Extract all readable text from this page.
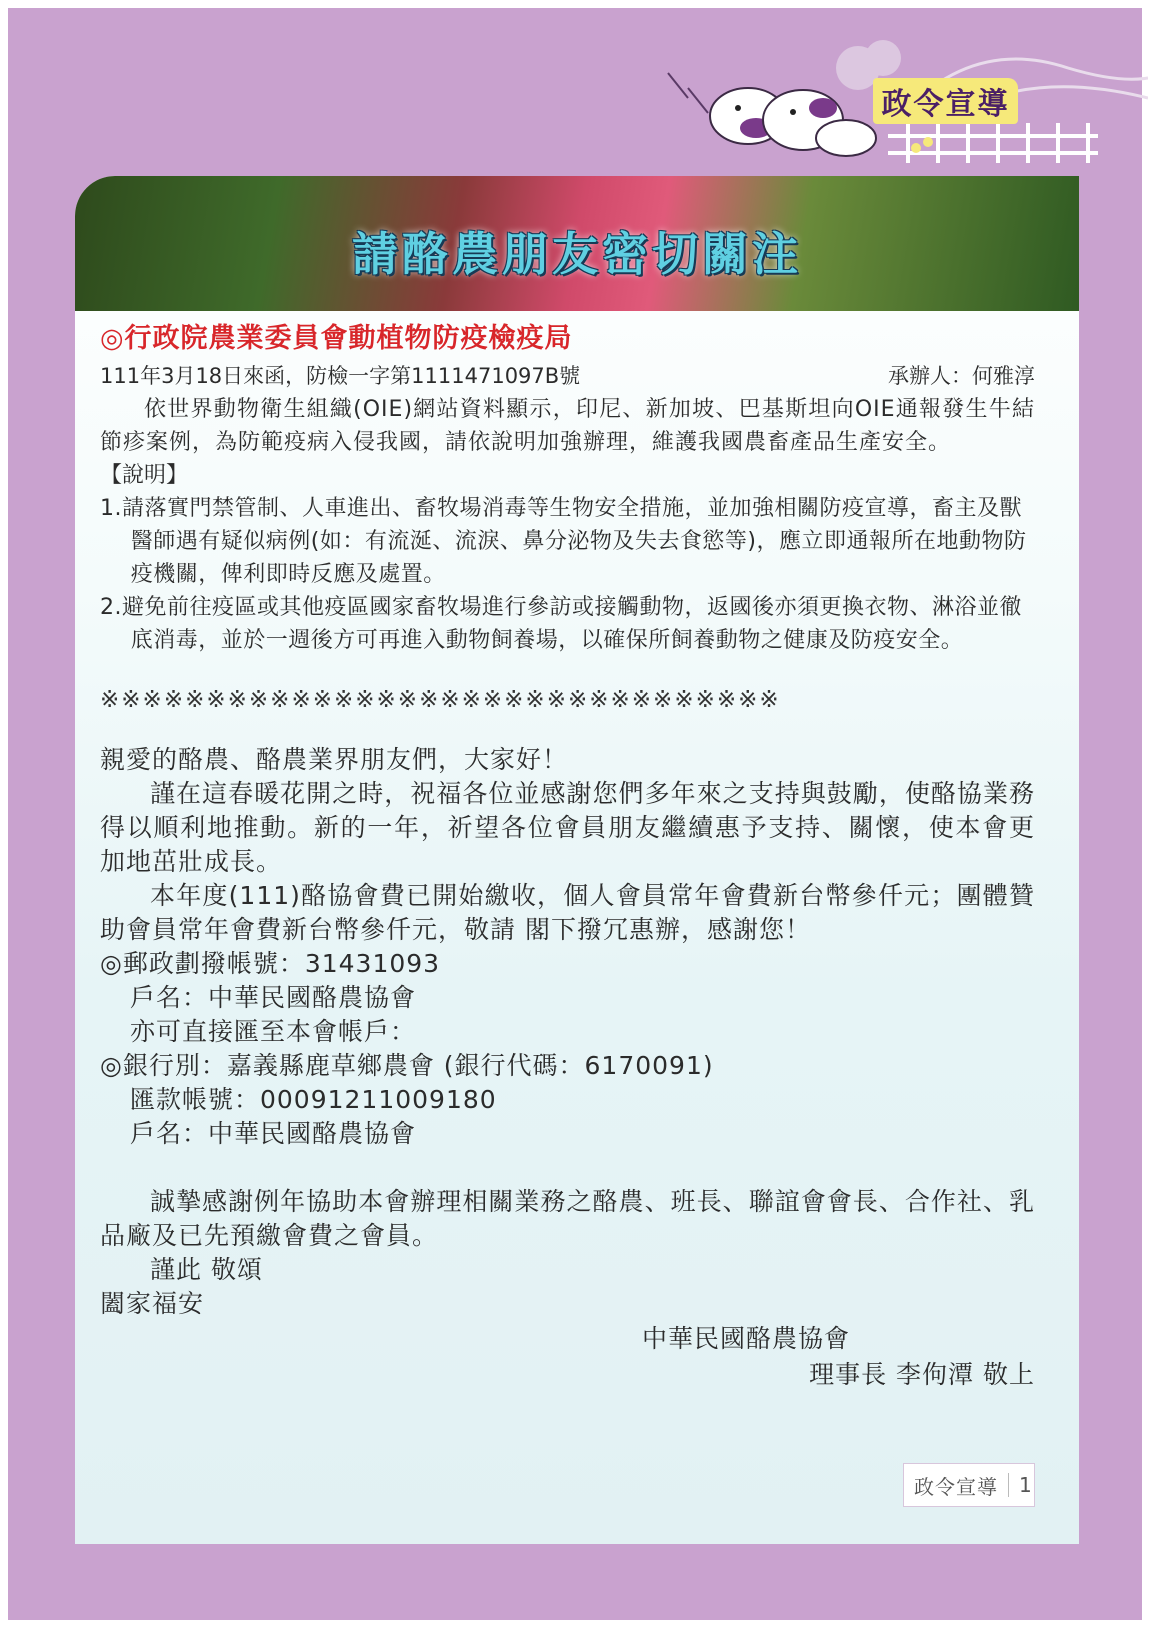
政令宣導
請酪農朋友密切關注
◎行政院農業委員會動植物防疫檢疫局
111年3月18日來函，防檢一字第1111471097B號	承辦人：何雅淳

依世界動物衛生組織(OIE)網站資料顯示，印尼、新加坡、巴基斯坦向OIE通報發生牛結節疹案例，為防範疫病入侵我國，請依說明加強辦理，維護我國農畜產品生產安全。

【說明】

1.請落實門禁管制、人車進出、畜牧場消毒等生物安全措施，並加強相關防疫宣導，畜主及獸醫師遇有疑似病例(如：有流涎、流淚、鼻分泌物及失去食慾等)，應立即通報所在地動物防疫機關，俾利即時反應及處置。

2.避免前往疫區或其他疫區國家畜牧場進行參訪或接觸動物，返國後亦須更換衣物、淋浴並徹底消毒，並於一週後方可再進入動物飼養場，以確保所飼養動物之健康及防疫安全。

※※※※※※※※※※※※※※※※※※※※※※※※※※※※※※※※

親愛的酪農、酪農業界朋友們，大家好！

謹在這春暖花開之時，祝福各位並感謝您們多年來之支持與鼓勵，使酪協業務得以順利地推動。新的一年，祈望各位會員朋友繼續惠予支持、關懷，使本會更加地茁壯成長。

本年度(111)酪協會費已開始繳收，個人會員常年會費新台幣參仟元；團體贊助會員常年會費新台幣參仟元，敬請 閣下撥冗惠辦，感謝您！

◎郵政劃撥帳號：31431093

戶名：中華民國酪農協會

亦可直接匯至本會帳戶：

◎銀行別：嘉義縣鹿草鄉農會 (銀行代碼：6170091)

匯款帳號：00091211009180

戶名：中華民國酪農協會

誠摯感謝例年協助本會辦理相關業務之酪農、班長、聯誼會會長、合作社、乳品廠及已先預繳會費之會員。

謹此 敬頌

闔家福安

中華民國酪農協會

理事長 李佝潭 敬上

政令宣導	1
